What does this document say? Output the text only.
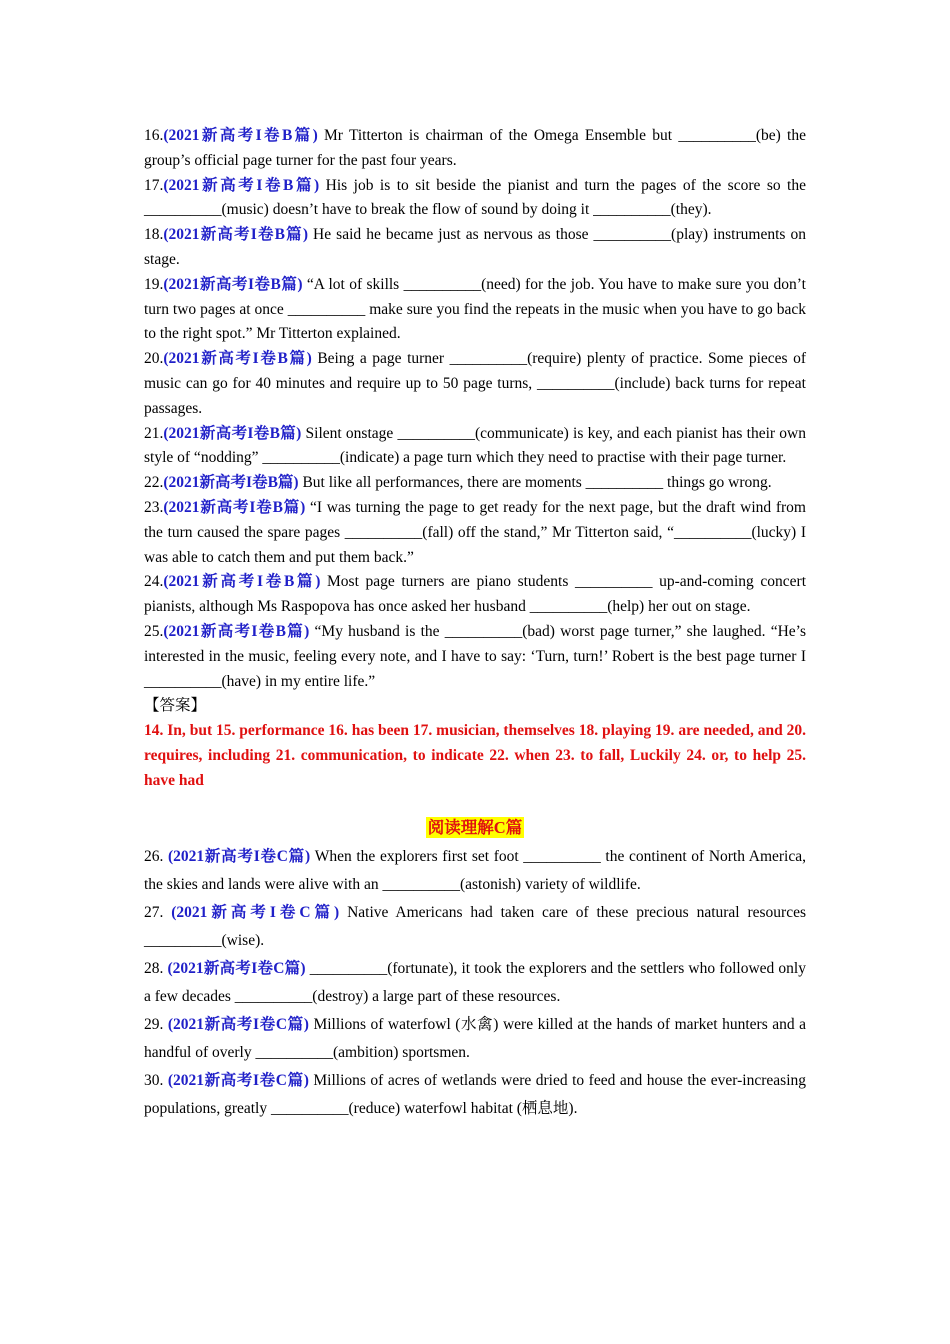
16.(2021新高考I卷B篇) Mr Titterton is chairman of the Omega Ensemble but __________(be) the group’s official page turner for the past four years.

17.(2021新高考I卷B篇) His job is to sit beside the pianist and turn the pages of the score so the __________(music) doesn’t have to break the flow of sound by doing it __________(they).

18.(2021新高考I卷B篇) He said he became just as nervous as those __________(play) instruments on stage.

19.(2021新高考I卷B篇) “A lot of skills __________(need) for the job. You have to make sure you don’t turn two pages at once __________ make sure you find the repeats in the music when you have to go back to the right spot.” Mr Titterton explained.

20.(2021新高考I卷B篇) Being a page turner __________(require) plenty of practice. Some pieces of music can go for 40 minutes and require up to 50 page turns, __________(include) back turns for repeat passages.

21.(2021新高考I卷B篇) Silent onstage __________(communicate) is key, and each pianist has their own style of “nodding” __________(indicate) a page turn which they need to practise with their page turner.

22.(2021新高考I卷B篇) But like all performances, there are moments __________ things go wrong.

23.(2021新高考I卷B篇) “I was turning the page to get ready for the next page, but the draft wind from the turn caused the spare pages __________(fall) off the stand,” Mr Titterton said, “__________(lucky) I was able to catch them and put them back.”

24.(2021新高考I卷B篇) Most page turners are piano students __________ up-and-coming concert pianists, although Ms Raspopova has once asked her husband __________(help) her out on stage.

25.(2021新高考I卷B篇) “My husband is the __________(bad) worst page turner,” she laughed. “He’s interested in the music, feeling every note, and I have to say: ‘Turn, turn!’ Robert is the best page turner I __________(have) in my entire life.”

【答案】

14. In, but 15. performance 16. has been 17. musician, themselves 18. playing 19. are needed, and 20. requires, including 21. communication, to indicate 22. when 23. to fall, Luckily 24. or, to help 25. have had

阅读理解C篇

26. (2021新高考I卷C篇) When the explorers first set foot __________ the continent of North America, the skies and lands were alive with an __________(astonish) variety of wildlife.

27. (2021新高考I卷C篇) Native Americans had taken care of these precious natural resources __________(wise).

28. (2021新高考I卷C篇) __________(fortunate), it took the explorers and the settlers who followed only a few decades __________(destroy) a large part of these resources.

29. (2021新高考I卷C篇) Millions of waterfowl (水禽) were killed at the hands of market hunters and a handful of overly __________(ambition) sportsmen.

30. (2021新高考I卷C篇) Millions of acres of wetlands were dried to feed and house the ever-increasing populations, greatly __________(reduce) waterfowl habitat (栖息地).
